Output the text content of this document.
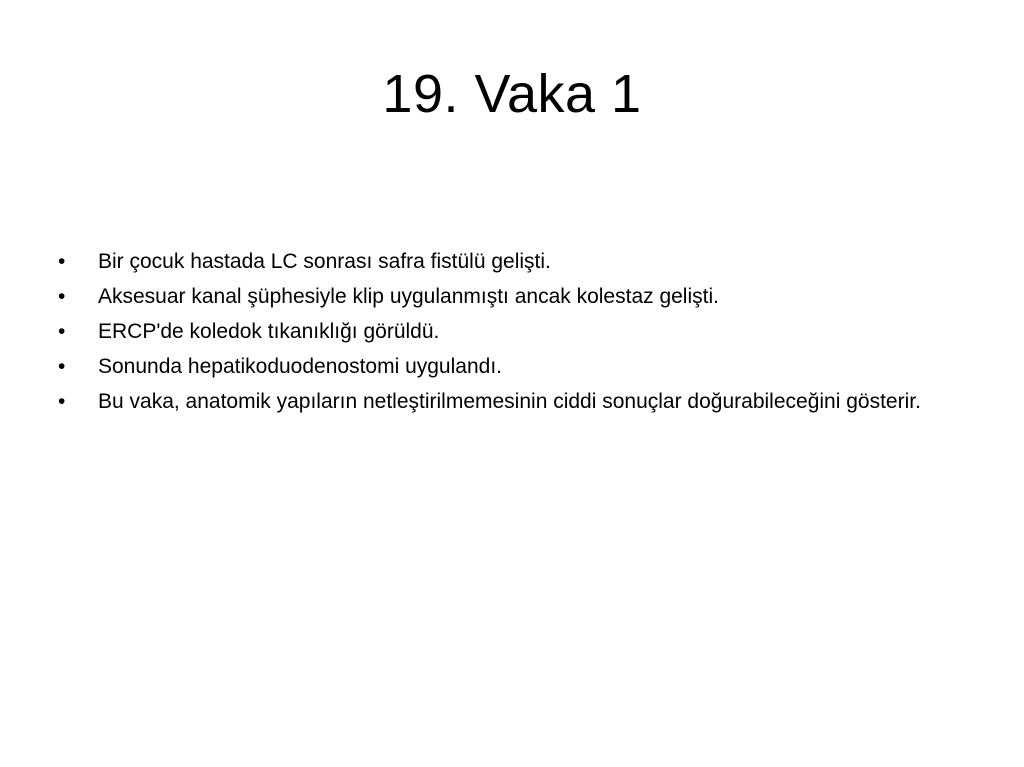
19. Vaka 1
•	Bir çocuk hastada LC sonrası safra fistülü gelişti.
•	Aksesuar kanal şüphesiyle klip uygulanmıştı ancak kolestaz gelişti.
•	ERCP'de koledok tıkanıklığı görüldü.
•	Sonunda hepatikoduodenostomi uygulandı.
•	Bu vaka, anatomik yapıların netleştirilmemesinin ciddi sonuçlar doğurabileceğini gösterir.
